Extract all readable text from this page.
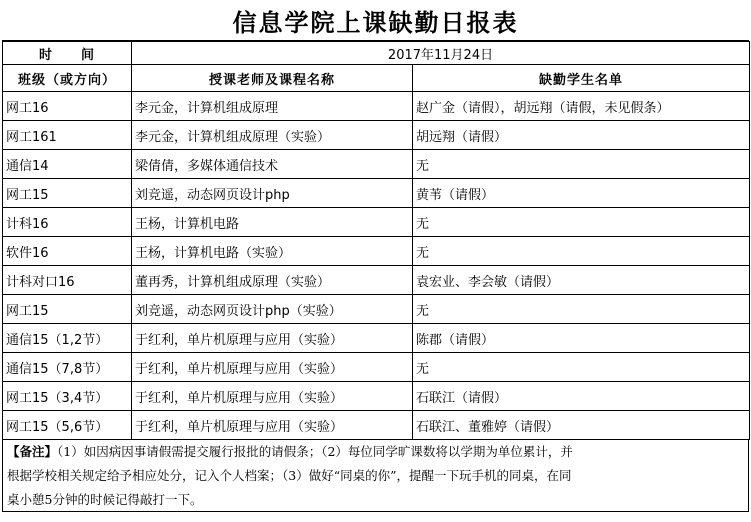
信息学院上课缺勤日报表
时　　间	2017年11月24日	
班级（或方向）	授课老师及课程名称	缺勤学生名单
网工16	李元金，计算机组成原理	赵广金（请假），胡远翔（请假，未见假条）
网工161	李元金，计算机组成原理（实验）	胡远翔（请假）
通信14	梁倩倩，多媒体通信技术	无
网工15	刘竞遥，动态网页设计php	黄苇（请假）
计科16	王杨，计算机电路	无
软件16	王杨，计算机电路（实验）	无
计科对口16	董再秀，计算机组成原理（实验）	袁宏业、李会敏（请假）
网工15	刘竞遥，动态网页设计php（实验）	无
通信15（1,2节）	于红利，单片机原理与应用（实验）	陈郡（请假）
通信15（7,8节）	于红利，单片机原理与应用（实验）	无
网工15（3,4节）	于红利，单片机原理与应用（实验）	石联江（请假）
网工15（5,6节）	于红利，单片机原理与应用（实验）	石联江、董雅婷（请假）
【备注】（1）如因病因事请假需提交履行报批的请假条；（2）每位同学旷课数将以学期为单位累计，并
根据学校相关规定给予相应处分，记入个人档案；（3）做好“同桌的你”，提醒一下玩手机的同桌，在同
桌小憩5分钟的时候记得敲打一下。
